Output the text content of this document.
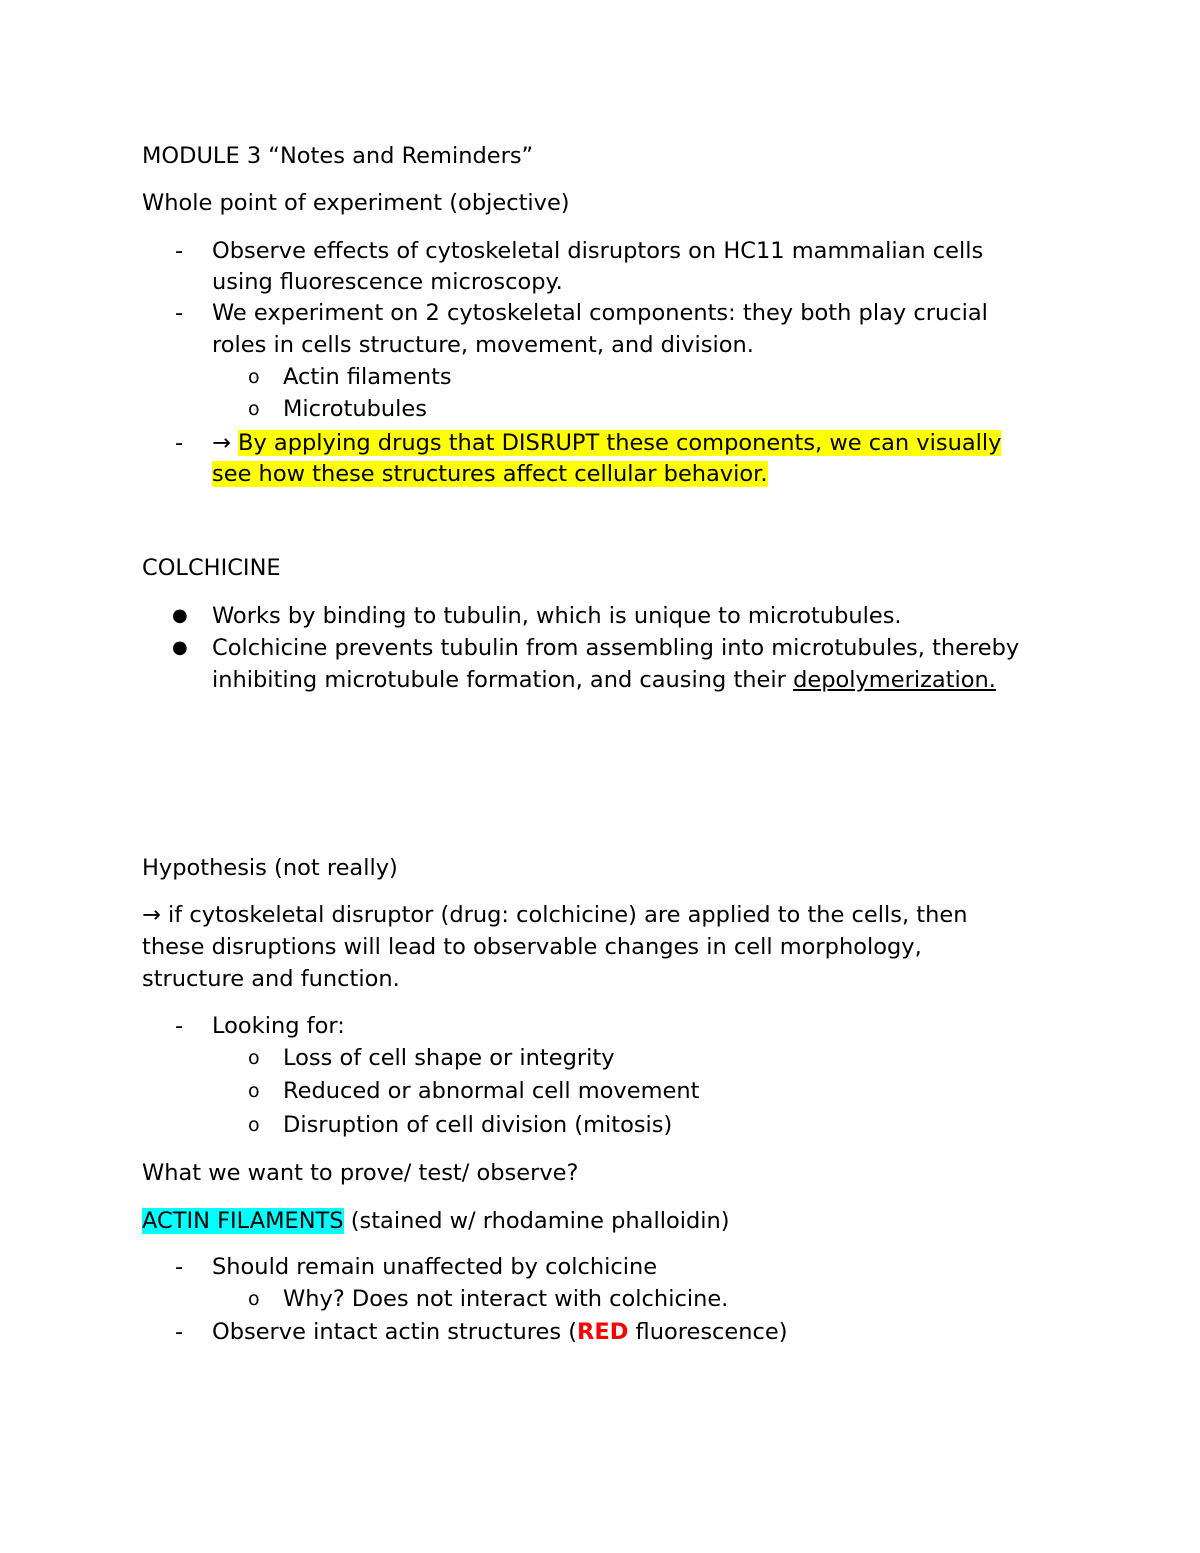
MODULE 3 “Notes and Reminders”
Whole point of experiment (objective)
- Observe effects of cytoskeletal disruptors on HC11 mammalian cells
using fluorescence microscopy.
- We experiment on 2 cytoskeletal components: they both play crucial
roles in cells structure, movement, and division.
o Actin filaments
o Microtubules
- → By applying drugs that DISRUPT these components, we can visually
see how these structures affect cellular behavior.
COLCHICINE
● Works by binding to tubulin, which is unique to microtubules.
● Colchicine prevents tubulin from assembling into microtubules, thereby
inhibiting microtubule formation, and causing their depolymerization.
Hypothesis (not really)
→ if cytoskeletal disruptor (drug: colchicine) are applied to the cells, then
these disruptions will lead to observable changes in cell morphology,
structure and function.
- Looking for:
o Loss of cell shape or integrity
o Reduced or abnormal cell movement
o Disruption of cell division (mitosis)
What we want to prove/ test/ observe?
ACTIN FILAMENTS (stained w/ rhodamine phalloidin)
- Should remain unaffected by colchicine
o Why? Does not interact with colchicine.
- Observe intact actin structures (RED fluorescence)
